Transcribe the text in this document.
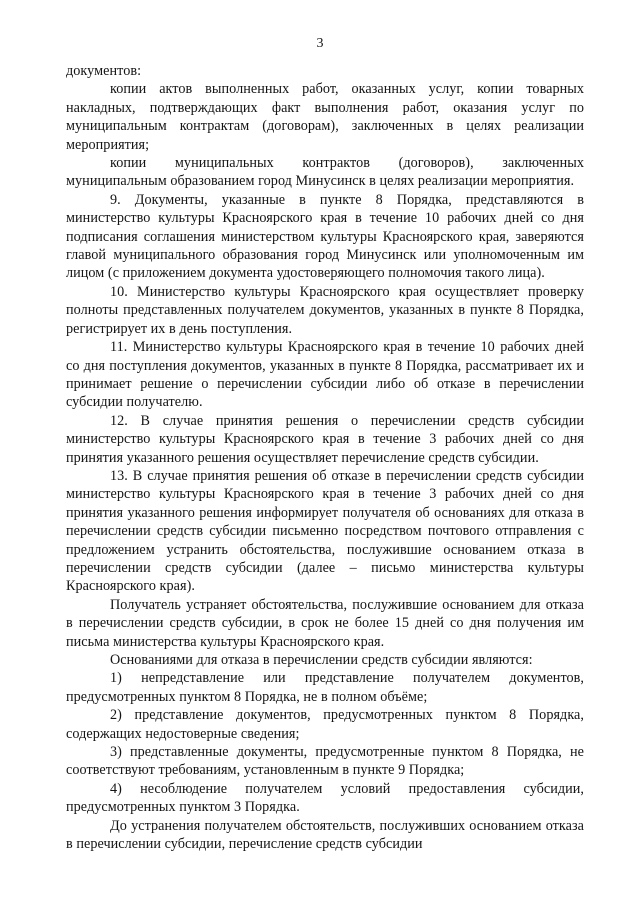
3

документов:

копии актов выполненных работ, оказанных услуг, копии товарных накладных, подтверждающих факт выполнения работ, оказания услуг по муниципальным контрактам (договорам), заключенных в целях реализации мероприятия;

копии муниципальных контрактов (договоров), заключенных муниципальным образованием город Минусинск в целях реализации мероприятия.

9. Документы, указанные в пункте 8 Порядка, представляются в министерство культуры Красноярского края в течение 10 рабочих дней со дня подписания соглашения министерством культуры Красноярского края, заверяются главой муниципального образования город Минусинск или уполномоченным им лицом (с приложением документа удостоверяющего полномочия такого лица).

10. Министерство культуры Красноярского края осуществляет проверку полноты представленных получателем документов, указанных в пункте 8 Порядка, регистрирует их в день поступления.

11. Министерство культуры Красноярского края в течение 10 рабочих дней со дня поступления документов, указанных в пункте 8 Порядка, рассматривает их и принимает решение о перечислении субсидии либо об отказе в перечислении субсидии получателю.

12. В случае принятия решения о перечислении средств субсидии министерство культуры Красноярского края в течение 3 рабочих дней со дня принятия указанного решения осуществляет перечисление средств субсидии.

13. В случае принятия решения об отказе в перечислении средств субсидии министерство культуры Красноярского края в течение 3 рабочих дней со дня принятия указанного решения информирует получателя об основаниях для отказа в перечислении средств субсидии письменно посредством почтового отправления с предложением устранить обстоятельства, послужившие основанием отказа в перечислении средств субсидии (далее – письмо министерства культуры Красноярского края).

Получатель устраняет обстоятельства, послужившие основанием для отказа в перечислении средств субсидии, в срок не более 15 дней со дня получения им письма министерства культуры Красноярского края.

Основаниями для отказа в перечислении средств субсидии являются:

1) непредставление или представление получателем документов, предусмотренных пунктом 8 Порядка, не в полном объёме;

2) представление документов, предусмотренных пунктом 8 Порядка, содержащих недостоверные сведения;

3) представленные документы, предусмотренные пунктом 8 Порядка, не соответствуют требованиям, установленным в пункте 9 Порядка;

4) несоблюдение получателем условий предоставления субсидии, предусмотренных пунктом 3 Порядка.

До устранения получателем обстоятельств, послуживших основанием отказа в перечислении субсидии, перечисление средств субсидии
